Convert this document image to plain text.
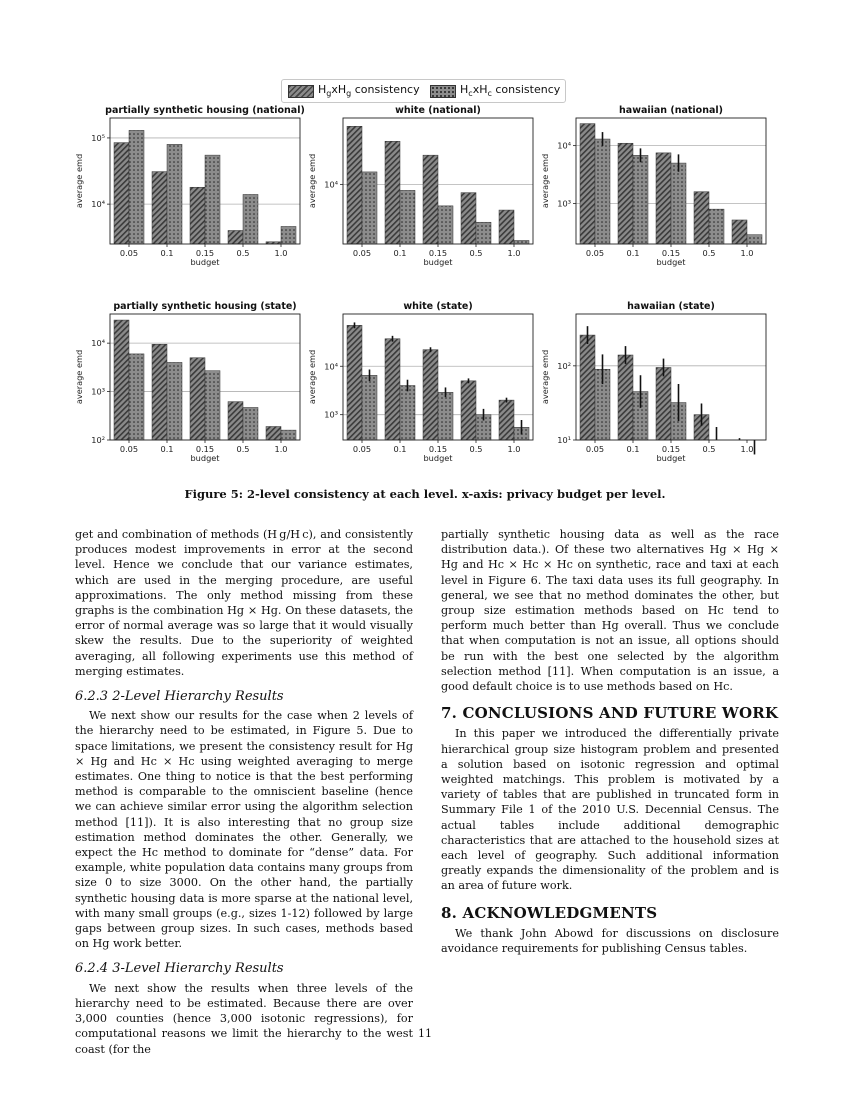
$H_gxH_g$ consistency	$H_cxH_c$ consistency
partially synthetic housing (national)
10⁴
10⁵
average emd
0.05	0.1	0.15	0.5	1.0
budget
white (national)
10⁴
average emd
0.05	0.1	0.15	0.5	1.0
budget
hawaiian (national)
10³
10⁴
average emd
0.05	0.1	0.15	0.5	1.0
budget
partially synthetic housing (state)
10²
10³
10⁴
average emd
0.05	0.1	0.15	0.5	1.0
budget
white (state)
10³
10⁴
average emd
0.05	0.1	0.15	0.5	1.0
budget
hawaiian (state)
10¹
10²
average emd
0.05	0.1	0.15	0.5	1.0
budget
Figure 5: 2-level consistency at each level. x-axis: privacy budget per level.

get and combination of methods (H g/H c), and consistently produces modest improvements in error at the second level. Hence we conclude that our variance estimates, which are used in the merging procedure, are useful approximations. The only method missing from these graphs is the combination Hg × Hg. On these datasets, the error of normal average was so large that it would visually skew the results. Due to the superiority of weighted averaging, all following experiments use this method of merging estimates.

6.2.3 2-Level Hierarchy Results

We next show our results for the case when 2 levels of the hierarchy need to be estimated, in Figure 5. Due to space limitations, we present the consistency result for Hg × Hg and Hc × Hc using weighted averaging to merge estimates. One thing to notice is that the best performing method is comparable to the omniscient baseline (hence we can achieve similar error using the algorithm selection method [11]). It is also interesting that no group size estimation method dominates the other. Generally, we expect the Hc method to dominate for “dense” data. For example, white population data contains many groups from size 0 to size 3000. On the other hand, the partially synthetic housing data is more sparse at the national level, with many small groups (e.g., sizes 1-12) followed by large gaps between group sizes. In such cases, methods based on Hg work better.

6.2.4 3-Level Hierarchy Results

We next show the results when three levels of the hierarchy need to be estimated. Because there are over 3,000 counties (hence 3,000 isotonic regressions), for computational reasons we limit the hierarchy to the west coast (for the

partially synthetic housing data as well as the race distribution data.). Of these two alternatives Hg × Hg × Hg and Hc × Hc × Hc on synthetic, race and taxi at each level in Figure 6. The taxi data uses its full geography. In general, we see that no method dominates the other, but group size estimation methods based on Hc tend to perform much better than Hg overall. Thus we conclude that when computation is not an issue, all options should be run with the best one selected by the algorithm selection method [11]. When computation is an issue, a good default choice is to use methods based on Hc.

7. CONCLUSIONS AND FUTURE WORK

In this paper we introduced the differentially private hierarchical group size histogram problem and presented a solution based on isotonic regression and optimal weighted matchings. This problem is motivated by a variety of tables that are published in truncated form in Summary File 1 of the 2010 U.S. Decennial Census. The actual tables include additional demographic characteristics that are attached to the household sizes at each level of geography. Such additional information greatly expands the dimensionality of the problem and is an area of future work.

8. ACKNOWLEDGMENTS

We thank John Abowd for discussions on disclosure avoidance requirements for publishing Census tables.

11
